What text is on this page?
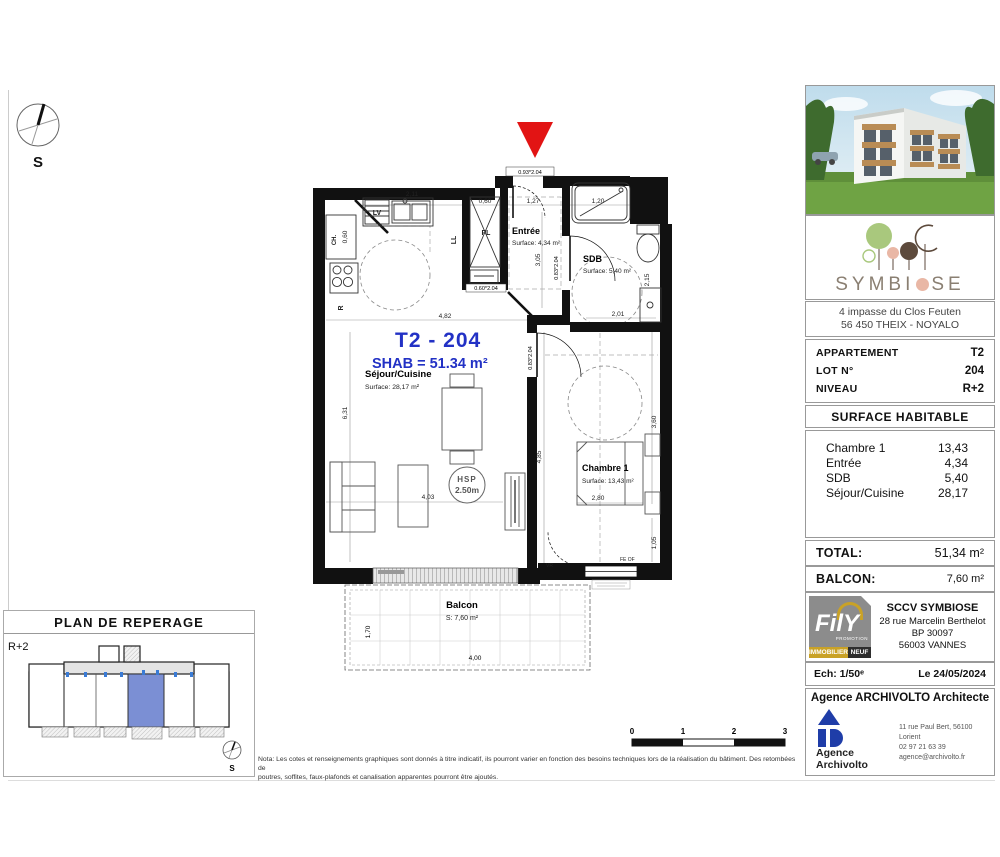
S
HSP
2.50m
Balcon
S: 7,60 m²
1,70
4,00
T2 - 204
SHAB = 51.34 m²
Séjour/Cuisine
Surface: 28,17 m²
Entrée
Surface: 4,34 m²
SDB
Surface: 5,40 m²
Chambre 1
Surface: 13,43 m²
2,11
0,60
0,60	1,27	1,20
3,05
2,15
2,01
4,82
6,31
4,03
4,85
2,80
3,60
1,05
LV
PL
LL
CH.
R
VR
FE OF
0.93*2.04
0.60*2.04
0.83*2.04
0.83*2.04
SYMBI SE
4 impasse du Clos Feuten
56 450 THEIX - NOYALO
APPARTEMENT	T2
LOT N°	204
NIVEAU	R+2
SURFACE HABITABLE
Chambre 1	13,43
Entrée	4,34
SDB	5,40
Séjour/Cuisine	28,17
TOTAL:	51,34 m²
BALCON:	7,60 m²
FilY
PROMOTION
IMMOBILIER NEUF
SCCV SYMBIOSE
28 rue Marcelin Berthelot
BP 30097
56003 VANNES
Ech: 1/50ᵉ	Le 24/05/2024
Agence ARCHIVOLTO Architecte
Agence
Archivolto
11 rue Paul Bert, 56100 Lorient
02 97 21 63 39
agence@archivolto.fr
PLAN DE REPERAGE
R+2
S
0	1	2	3
Nota: Les cotes et renseignements graphiques sont donnés à titre indicatif, ils pourront varier en fonction des besoins techniques lors de la réalisation du bâtiment. Des retombées de
poutres, soffites, faux-plafonds et canalisation apparentes pourront être ajoutés.
